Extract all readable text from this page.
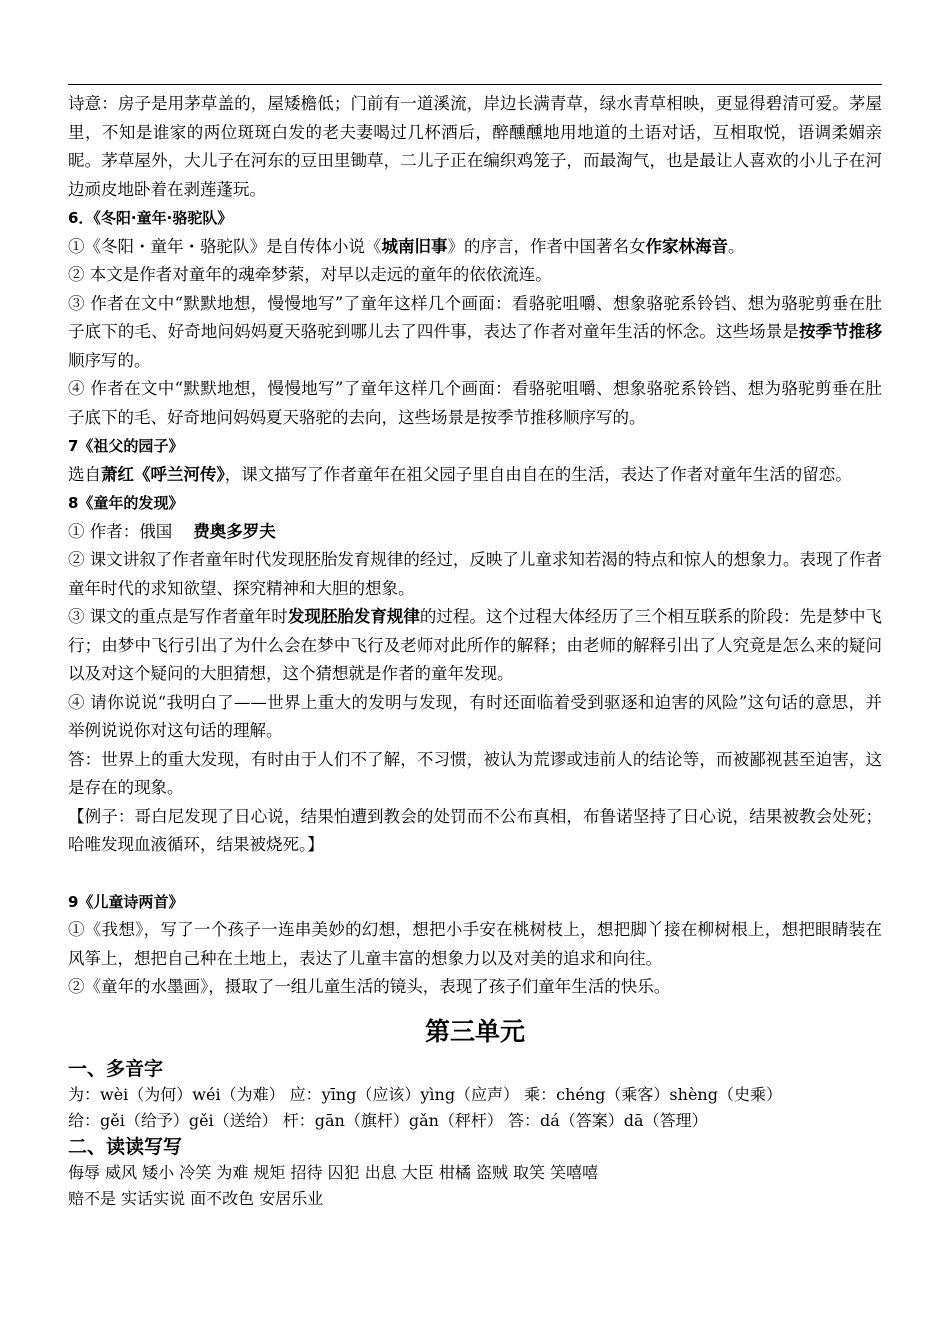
诗意：房子是用茅草盖的，屋矮檐低；门前有一道溪流，岸边长满青草，绿水青草相映，更显得碧清可爱。茅屋里，不知是谁家的两位斑斑白发的老夫妻喝过几杯酒后，醉醺醺地用地道的土语对话，互相取悦，语调柔媚亲昵。茅草屋外，大儿子在河东的豆田里锄草，二儿子正在编织鸡笼子，而最淘气，也是最让人喜欢的小儿子在河边顽皮地卧着在剥莲蓬玩。

6．《冬阳·童年·骆驼队》

①《冬阳・童年・骆驼队》是自传体小说《城南旧事》的序言，作者中国著名女作家林海音。

② 本文是作者对童年的魂牵梦萦，对早以走远的童年的依依流连。

③ 作者在文中“默默地想，慢慢地写”了童年这样几个画面：看骆驼咀嚼、想象骆驼系铃铛、想为骆驼剪垂在肚子底下的毛、好奇地问妈妈夏天骆驼到哪儿去了四件事，表达了作者对童年生活的怀念。这些场景是按季节推移顺序写的。

④ 作者在文中“默默地想，慢慢地写”了童年这样几个画面：看骆驼咀嚼、想象骆驼系铃铛、想为骆驼剪垂在肚子底下的毛、好奇地问妈妈夏天骆驼的去向，这些场景是按季节推移顺序写的。

7《祖父的园子》

选自萧红《呼兰河传》，课文描写了作者童年在祖父园子里自由自在的生活，表达了作者对童年生活的留恋。

8《童年的发现》

① 作者：俄国 费奥多罗夫

② 课文讲叙了作者童年时代发现胚胎发育规律的经过，反映了儿童求知若渴的特点和惊人的想象力。表现了作者童年时代的求知欲望、探究精神和大胆的想象。

③ 课文的重点是写作者童年时发现胚胎发育规律的过程。这个过程大体经历了三个相互联系的阶段：先是梦中飞行；由梦中飞行引出了为什么会在梦中飞行及老师对此所作的解释；由老师的解释引出了人究竟是怎么来的疑问以及对这个疑问的大胆猜想，这个猜想就是作者的童年发现。

④ 请你说说“我明白了——世界上重大的发明与发现，有时还面临着受到驱逐和迫害的风险”这句话的意思，并举例说说你对这句话的理解。

答：世界上的重大发现，有时由于人们不了解，不习惯，被认为荒谬或违前人的结论等，而被鄙视甚至迫害，这是存在的现象。

【例子：哥白尼发现了日心说，结果怕遭到教会的处罚而不公布真相，布鲁诺坚持了日心说，结果被教会处死；哈唯发现血液循环，结果被烧死。】

9《儿童诗两首》

①《我想》，写了一个孩子一连串美妙的幻想，想把小手安在桃树枝上，想把脚丫接在柳树根上，想把眼睛装在风筝上，想把自己种在土地上，表达了儿童丰富的想象力以及对美的追求和向往。

②《童年的水墨画》，摄取了一组儿童生活的镜头，表现了孩子们童年生活的快乐。

第三单元

一、多音字

为：wèi（为何）wéi（为难） 应：yīng（应该）yìng（应声） 乘：chéng（乘客）shèng（史乘）

给：gěi（给予）gěi（送给） 杆：gān（旗杆）gǎn（秤杆） 答：dá（答案）dā（答理）

二、读读写写

侮辱 威风 矮小 冷笑 为难 规矩 招待 囚犯 出息 大臣 柑橘 盗贼 取笑 笑嘻嘻

赔不是 实话实说 面不改色 安居乐业
